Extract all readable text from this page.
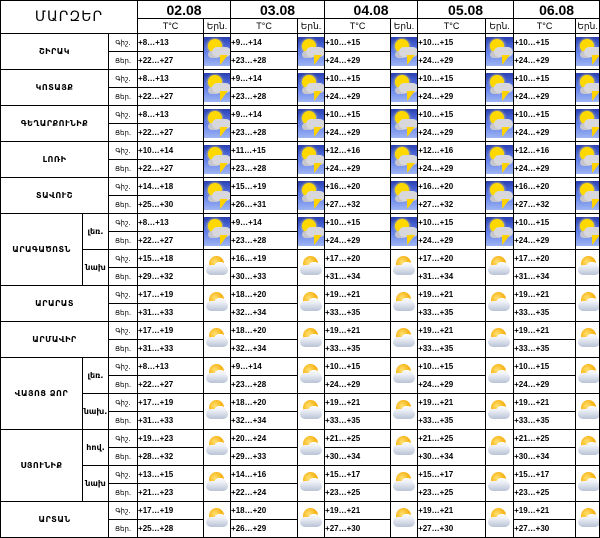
ՄԱՐԶԵՐ			02.08		03.08		04.08		05.08		06.08	
			T°C	Երն.	T°C	Երն.	T°C	Երն.	T°C	Երն.	T°C	Երն.
ՇԻՐԱԿ		Գիշ.	+8…+13		+9…+14		+10…+15		+10…+15		+10…+15	

		Ցեր.	+22…+27		+23…+28		+24…+29		+24…+29		+24…+29	
ԿՈՏԱՅՔ		Գիշ.	+8…+13		+9…+14		+10…+15		+10…+15		+10…+15	

		Ցեր.	+22…+27		+23…+28		+24…+29		+24…+29		+24…+29	
ԳԵՂԱՐՔՈՒՆԻՔ		Գիշ.	+8…+13		+9…+14		+10…+15		+10…+15		+10…+15	

		Ցեր.	+22…+27		+23…+28		+24…+29		+24…+29		+24…+29	
ԼՈՌԻ		Գիշ.	+10…+14		+11…+15		+12…+16		+12…+16		+12…+16	

		Ցեր.	+22…+27		+23…+28		+24…+29		+24…+29		+24…+29	
ՏԱՎՈՒՇ		Գիշ.	+14…+18		+15…+19		+16…+20		+16…+20		+16…+20	

		Ցեր.	+25…+30		+26…+31		+27…+32		+27…+32		+27…+32	
ԱՐԱԳԱԾՈՏՆ	լեռ.	Գիշ.	+8…+13		+9…+14		+10…+15		+10…+15		+10…+15	

		Ցեր.	+22…+27		+23…+28		+24…+29		+24…+29		+24…+29	
	նախ	Գիշ.	+15…+18		+16…+19		+17…+20		+17…+20		+17…+20	

		Ցեր.	+29…+32		+30…+33		+31…+34		+31…+34		+31…+34	
ԱՐԱՐԱՏ		Գիշ.	+17…+19		+18…+20		+19…+21		+19…+21		+19…+21	

		Ցեր.	+31…+33		+32…+34		+33…+35		+33…+35		+33…+35	
ԱՐՄԱՎԻՐ		Գիշ.	+17…+19		+18…+20		+19…+21		+19…+21		+19…+21	

		Ցեր.	+31…+33		+32…+34		+33…+35		+33…+35		+33…+35	
ՎԱՅՈՑ ՁՈՐ	լեռ.	Գիշ.	+8…+13		+9…+14		+10…+15		+10…+15		+10…+15	

		Ցեր.	+22…+27		+23…+28		+24…+29		+24…+29		+24…+29	
	նախ.	Գիշ.	+17…+19		+18…+20		+19…+21		+19…+21		+19…+21	

		Ցեր.	+31…+33		+32…+34		+33…+35		+33…+35		+33…+35	
ՍՅՈՒՆԻՔ	հով.	Գիշ.	+19…+23		+20…+24		+21…+25		+21…+25		+21…+25	

		Ցեր.	+28…+32		+29…+33		+30…+34		+30…+34		+30…+34	
	նախ	Գիշ.	+13…+15		+14…+16		+15…+17		+15…+17		+15…+17	

		Ցեր.	+21…+23		+22…+24		+23…+25		+23…+25		+23…+25	
ԱՐՏԱՆ		Գիշ.	+17…+19		+18…+20		+19…+21		+19…+21		+19…+21	

		Ցեր.	+25…+28		+26…+29		+27…+30		+27…+30		+27…+30	
